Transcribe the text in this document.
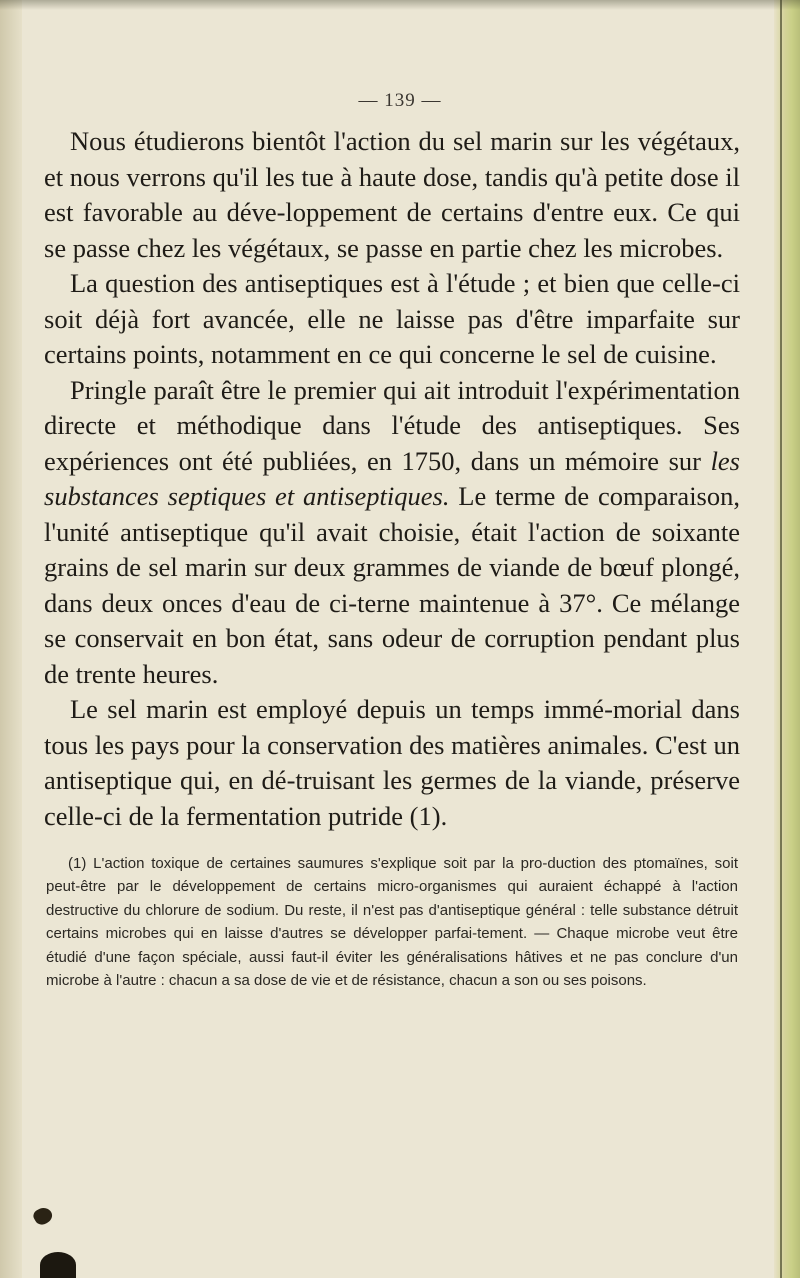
— 139 —

Nous étudierons bientôt l'action du sel marin sur les végétaux, et nous verrons qu'il les tue à haute dose, tandis qu'à petite dose il est favorable au déve-loppement de certains d'entre eux. Ce qui se passe chez les végétaux, se passe en partie chez les microbes.

La question des antiseptiques est à l'étude ; et bien que celle-ci soit déjà fort avancée, elle ne laisse pas d'être imparfaite sur certains points, notamment en ce qui concerne le sel de cuisine.

Pringle paraît être le premier qui ait introduit l'expérimentation directe et méthodique dans l'étude des antiseptiques. Ses expériences ont été publiées, en 1750, dans un mémoire sur les substances septiques et antiseptiques. Le terme de comparaison, l'unité antiseptique qu'il avait choisie, était l'action de soixante grains de sel marin sur deux grammes de viande de bœuf plongé, dans deux onces d'eau de ci-terne maintenue à 37°. Ce mélange se conservait en bon état, sans odeur de corruption pendant plus de trente heures.

Le sel marin est employé depuis un temps immé-morial dans tous les pays pour la conservation des matières animales. C'est un antiseptique qui, en dé-truisant les germes de la viande, préserve celle-ci de la fermentation putride (1).

(1) L'action toxique de certaines saumures s'explique soit par la pro-duction des ptomaïnes, soit peut-être par le développement de certains micro-organismes qui auraient échappé à l'action destructive du chlorure de sodium. Du reste, il n'est pas d'antiseptique général : telle substance détruit certains microbes qui en laisse d'autres se développer parfai-tement. — Chaque microbe veut être étudié d'une façon spéciale, aussi faut-il éviter les généralisations hâtives et ne pas conclure d'un microbe à l'autre : chacun a sa dose de vie et de résistance, chacun a son ou ses poisons.
